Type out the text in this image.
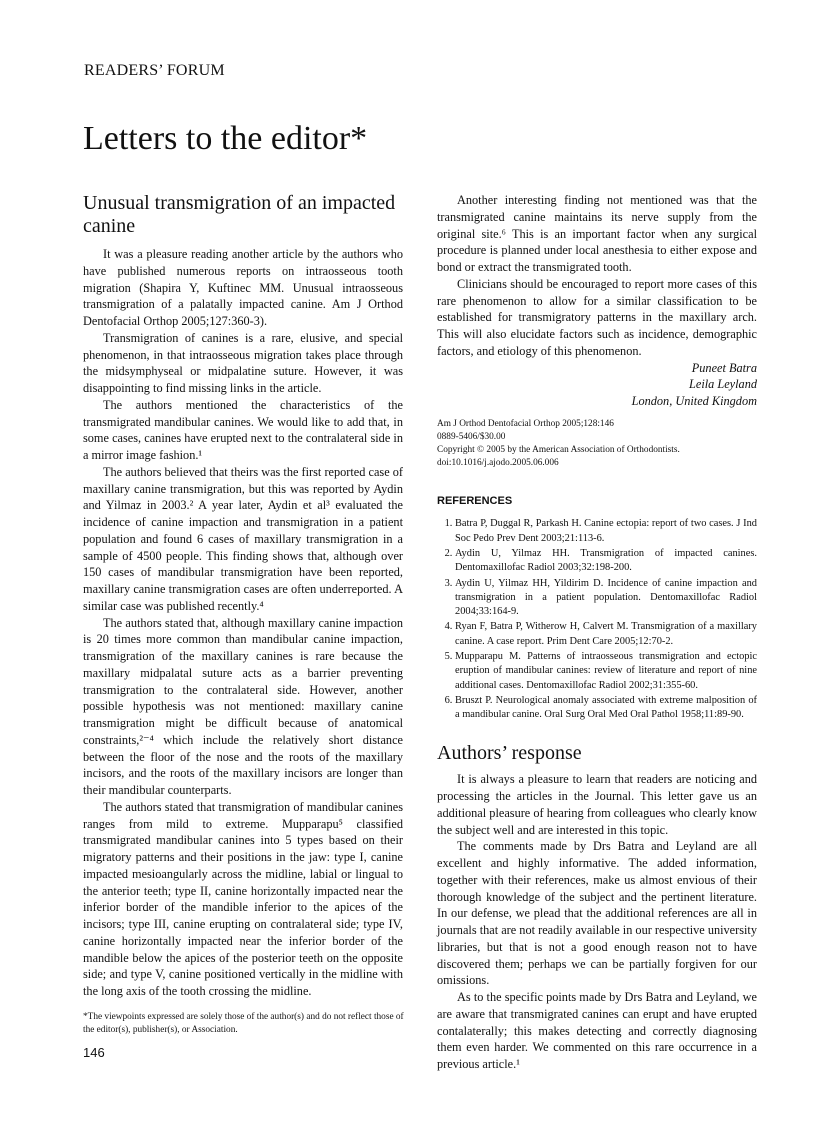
READERS’ FORUM
Letters to the editor*
Unusual transmigration of an impacted canine

It was a pleasure reading another article by the authors who have published numerous reports on intraosseous tooth migration (Shapira Y, Kuftinec MM. Unusual intraosseous transmigration of a palatally impacted canine. Am J Orthod Dentofacial Orthop 2005;127:360-3).

Transmigration of canines is a rare, elusive, and special phenomenon, in that intraosseous migration takes place through the midsymphyseal or midpalatine suture. However, it was disappointing to find missing links in the article.

The authors mentioned the characteristics of the transmigrated mandibular canines. We would like to add that, in some cases, canines have erupted next to the contralateral side in a mirror image fashion.¹

The authors believed that theirs was the first reported case of maxillary canine transmigration, but this was reported by Aydin and Yilmaz in 2003.² A year later, Aydin et al³ evaluated the incidence of canine impaction and transmigration in a patient population and found 6 cases of maxillary transmigration in a sample of 4500 people. This finding shows that, although over 150 cases of mandibular transmigration have been reported, maxillary canine transmigration cases are often underreported. A similar case was published recently.⁴

The authors stated that, although maxillary canine impaction is 20 times more common than mandibular canine impaction, transmigration of the maxillary canines is rare because the maxillary midpalatal suture acts as a barrier preventing transmigration to the contralateral side. However, another possible hypothesis was not mentioned: maxillary canine transmigration might be difficult because of anatomical constraints,²⁻⁴ which include the relatively short distance between the floor of the nose and the roots of the maxillary incisors, and the roots of the maxillary incisors are longer than their mandibular counterparts.

The authors stated that transmigration of mandibular canines ranges from mild to extreme. Mupparapu⁵ classified transmigrated mandibular canines into 5 types based on their migratory patterns and their positions in the jaw: type I, canine impacted mesioangularly across the midline, labial or lingual to the anterior teeth; type II, canine horizontally impacted near the inferior border of the mandible inferior to the apices of the incisors; type III, canine erupting on contralateral side; type IV, canine horizontally impacted near the inferior border of the mandible below the apices of the posterior teeth on the opposite side; and type V, canine positioned vertically in the midline with the long axis of the tooth crossing the midline.

Another interesting finding not mentioned was that the transmigrated canine maintains its nerve supply from the original site.⁶ This is an important factor when any surgical procedure is planned under local anesthesia to either expose and bond or extract the transmigrated tooth.

Clinicians should be encouraged to report more cases of this rare phenomenon to allow for a similar classification to be established for transmigratory patterns in the maxillary arch. This will also elucidate factors such as incidence, demographic factors, and etiology of this phenomenon.

Puneet Batra

Leila Leyland

London, United Kingdom

Am J Orthod Dentofacial Orthop 2005;128:146
0889-5406/$30.00
Copyright © 2005 by the American Association of Orthodontists.
doi:10.1016/j.ajodo.2005.06.006
REFERENCES
1. Batra P, Duggal R, Parkash H. Canine ectopia: report of two cases. J Ind Soc Pedo Prev Dent 2003;21:113-6.
2. Aydin U, Yilmaz HH. Transmigration of impacted canines. Dentomaxillofac Radiol 2003;32:198-200.
3. Aydin U, Yilmaz HH, Yildirim D. Incidence of canine impaction and transmigration in a patient population. Dentomaxillofac Radiol 2004;33:164-9.
4. Ryan F, Batra P, Witherow H, Calvert M. Transmigration of a maxillary canine. A case report. Prim Dent Care 2005;12:70-2.
5. Mupparapu M. Patterns of intraosseous transmigration and ectopic eruption of mandibular canines: review of literature and report of nine additional cases. Dentomaxillofac Radiol 2002;31:355-60.
6. Bruszt P. Neurological anomaly associated with extreme malposition of a mandibular canine. Oral Surg Oral Med Oral Pathol 1958;11:89-90.
Authors’ response

It is always a pleasure to learn that readers are noticing and processing the articles in the Journal. This letter gave us an additional pleasure of hearing from colleagues who clearly know the subject well and are interested in this topic.

The comments made by Drs Batra and Leyland are all excellent and highly informative. The added information, together with their references, make us almost envious of their thorough knowledge of the subject and the pertinent literature. In our defense, we plead that the additional references are all in journals that are not readily available in our respective university libraries, but that is not a good enough reason not to have discovered them; perhaps we can be partially forgiven for our omissions.

As to the specific points made by Drs Batra and Leyland, we are aware that transmigrated canines can erupt and have erupted contalaterally; this makes detecting and correctly diagnosing them even harder. We commented on this rare occurrence in a previous article.¹

*The viewpoints expressed are solely those of the author(s) and do not reflect those of the editor(s), publisher(s), or Association.
146
